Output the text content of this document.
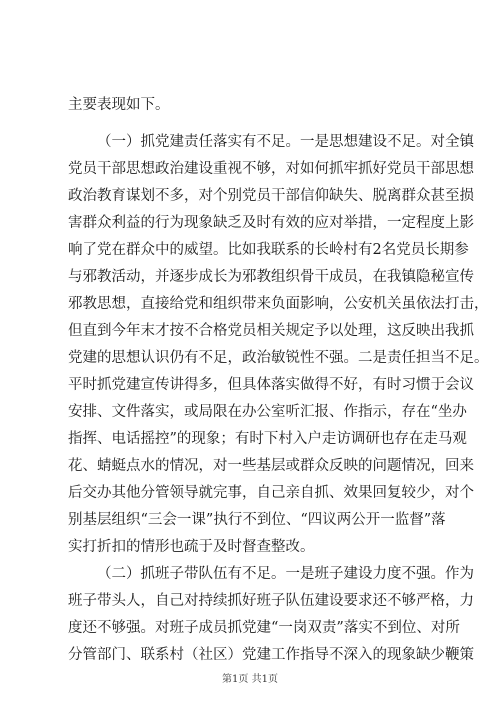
主要表现如下。
（一）抓党建责任落实有不足。一是思想建设不足。对全镇
党员干部思想政治建设重视不够，对如何抓牢抓好党员干部思想
政治教育谋划不多，对个别党员干部信仰缺失、脱离群众甚至损
害群众利益的行为现象缺乏及时有效的应对举措，一定程度上影
响了党在群众中的威望。比如我联系的长岭村有2名党员长期参
与邪教活动，并逐步成长为邪教组织骨干成员，在我镇隐秘宣传
邪教思想，直接给党和组织带来负面影响，公安机关虽依法打击，
但直到今年末才按不合格党员相关规定予以处理，这反映出我抓
党建的思想认识仍有不足，政治敏锐性不强。二是责任担当不足。
平时抓党建宣传讲得多，但具体落实做得不好，有时习惯于会议
安排、文件落实，或局限在办公室听汇报、作指示，存在“坐办
指挥、电话摇控”的现象；有时下村入户走访调研也存在走马观
花、蜻蜓点水的情况，对一些基层或群众反映的问题情况，回来
后交办其他分管领导就完事，自己亲自抓、效果回复较少，对个
别基层组织“三会一课”执行不到位、“四议两公开一监督”落
实打折扣的情形也疏于及时督查整改。
（二）抓班子带队伍有不足。一是班子建设力度不强。作为
班子带头人，自己对持续抓好班子队伍建设要求还不够严格，力
度还不够强。对班子成员抓党建“一岗双责”落实不到位、对所
分管部门、联系村（社区）党建工作指导不深入的现象缺少鞭策
第1页 共1页
